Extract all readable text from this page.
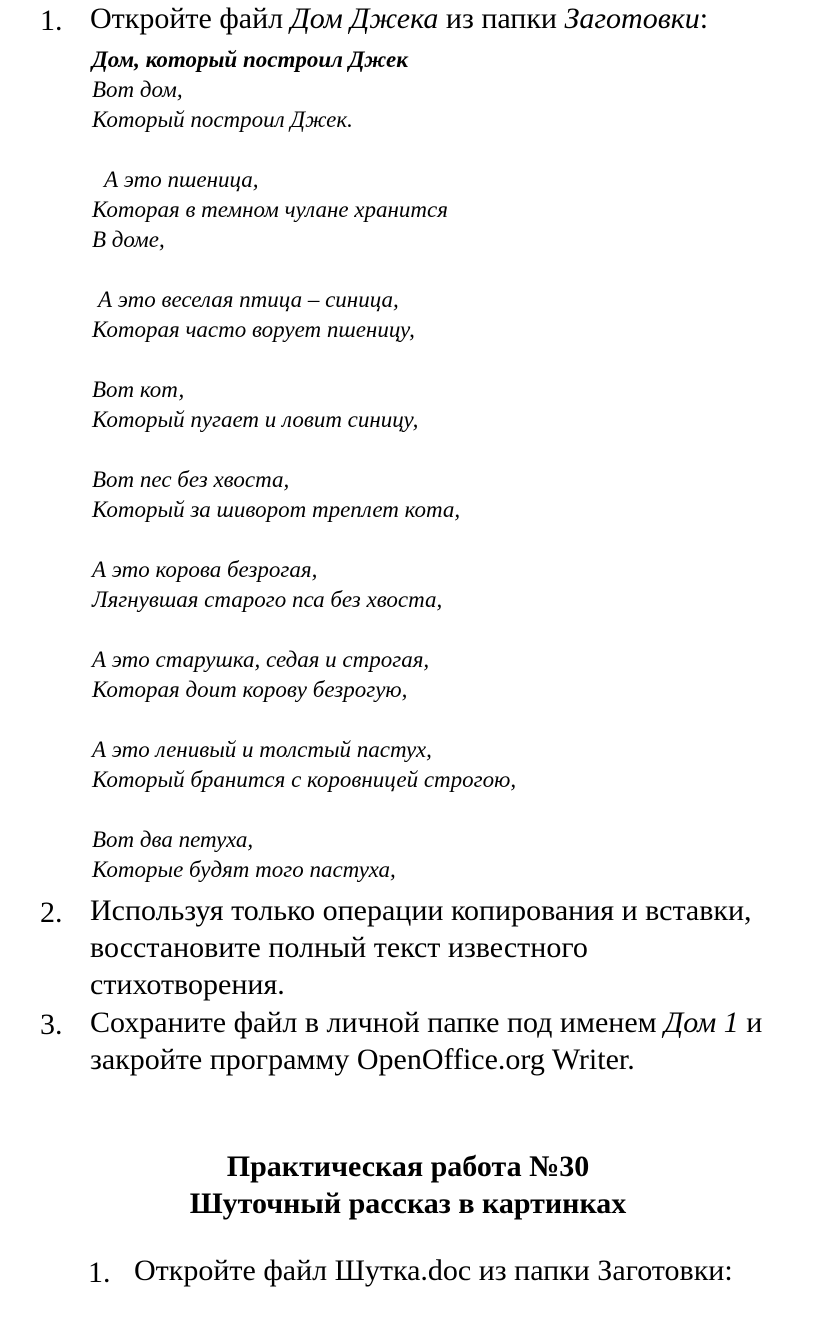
1. Откройте файл Дом Джека из папки Заготовки:
Дом, который построил Джек
Вот дом,
Который построил Джек.
А это пшеница,
Которая в темном чулане хранится
В доме,
А это веселая птица – синица,
Которая часто ворует пшеницу,
Вот кот,
Который пугает и ловит синицу,
Вот пес без хвоста,
Который за шиворот треплет кота,
А это корова безрогая,
Лягнувшая старого пса без хвоста,
А это старушка, седая и строгая,
Которая доит корову безрогую,
А это ленивый и толстый пастух,
Который бранится с коровницей строгою,
Вот два петуха,
Которые будят того пастуха,
2. Используя только операции копирования и вставки,
восстановите полный текст известного
стихотворения.
3. Сохраните файл в личной папке под именем Дом 1 и
закройте программу OpenOffice.org Writer.
Практическая работа №30
Шуточный рассказ в картинках
1. Откройте файл Шутка.doc из папки Заготовки:
